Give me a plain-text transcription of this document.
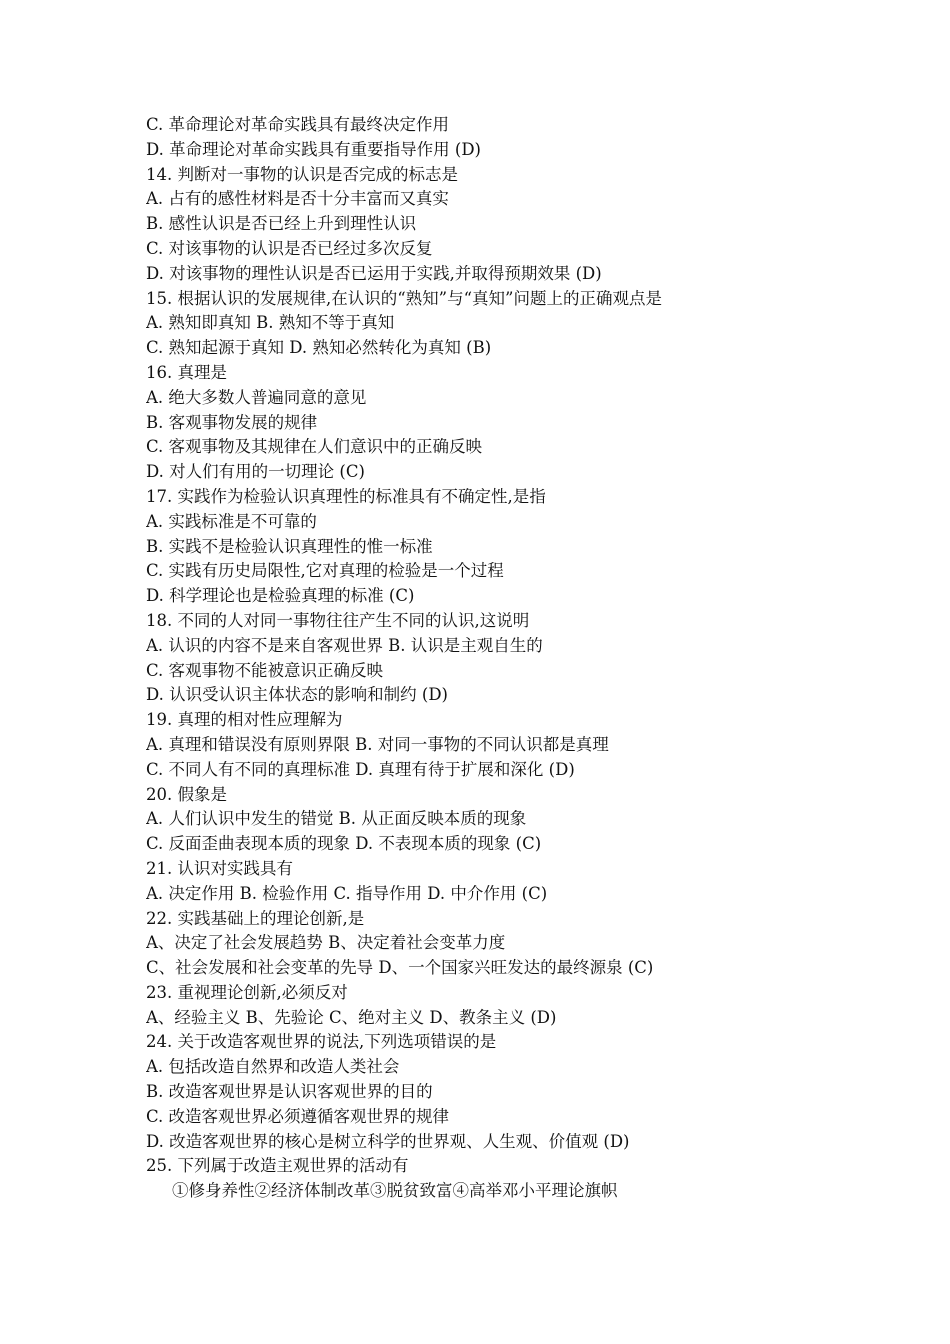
C. 革命理论对革命实践具有最终决定作用
D. 革命理论对革命实践具有重要指导作用 (D)
14. 判断对一事物的认识是否完成的标志是
A. 占有的感性材料是否十分丰富而又真实
B. 感性认识是否已经上升到理性认识
C. 对该事物的认识是否已经过多次反复
D. 对该事物的理性认识是否已运用于实践,并取得预期效果 (D)
15. 根据认识的发展规律,在认识的“熟知”与“真知”问题上的正确观点是
A. 熟知即真知 B. 熟知不等于真知
C. 熟知起源于真知 D. 熟知必然转化为真知 (B)
16. 真理是
A. 绝大多数人普遍同意的意见
B. 客观事物发展的规律
C. 客观事物及其规律在人们意识中的正确反映
D. 对人们有用的一切理论 (C)
17. 实践作为检验认识真理性的标准具有不确定性,是指
A. 实践标准是不可靠的
B. 实践不是检验认识真理性的惟一标准
C. 实践有历史局限性,它对真理的检验是一个过程
D. 科学理论也是检验真理的标准 (C)
18. 不同的人对同一事物往往产生不同的认识,这说明
A. 认识的内容不是来自客观世界 B. 认识是主观自生的
C. 客观事物不能被意识正确反映
D. 认识受认识主体状态的影响和制约 (D)
19. 真理的相对性应理解为
A. 真理和错误没有原则界限 B. 对同一事物的不同认识都是真理
C. 不同人有不同的真理标准 D. 真理有待于扩展和深化 (D)
20. 假象是
A. 人们认识中发生的错觉 B. 从正面反映本质的现象
C. 反面歪曲表现本质的现象 D. 不表现本质的现象 (C)
21. 认识对实践具有
A. 决定作用 B. 检验作用 C. 指导作用 D. 中介作用 (C)
22. 实践基础上的理论创新,是
A、决定了社会发展趋势 B、决定着社会变革力度
C、社会发展和社会变革的先导 D、一个国家兴旺发达的最终源泉 (C)
23. 重视理论创新,必须反对
A、经验主义 B、先验论 C、绝对主义 D、教条主义 (D)
24. 关于改造客观世界的说法,下列选项错误的是
A. 包括改造自然界和改造人类社会
B. 改造客观世界是认识客观世界的目的
C. 改造客观世界必须遵循客观世界的规律
D. 改造客观世界的核心是树立科学的世界观、人生观、价值观 (D)
25. 下列属于改造主观世界的活动有
①修身养性②经济体制改革③脱贫致富④高举邓小平理论旗帜
